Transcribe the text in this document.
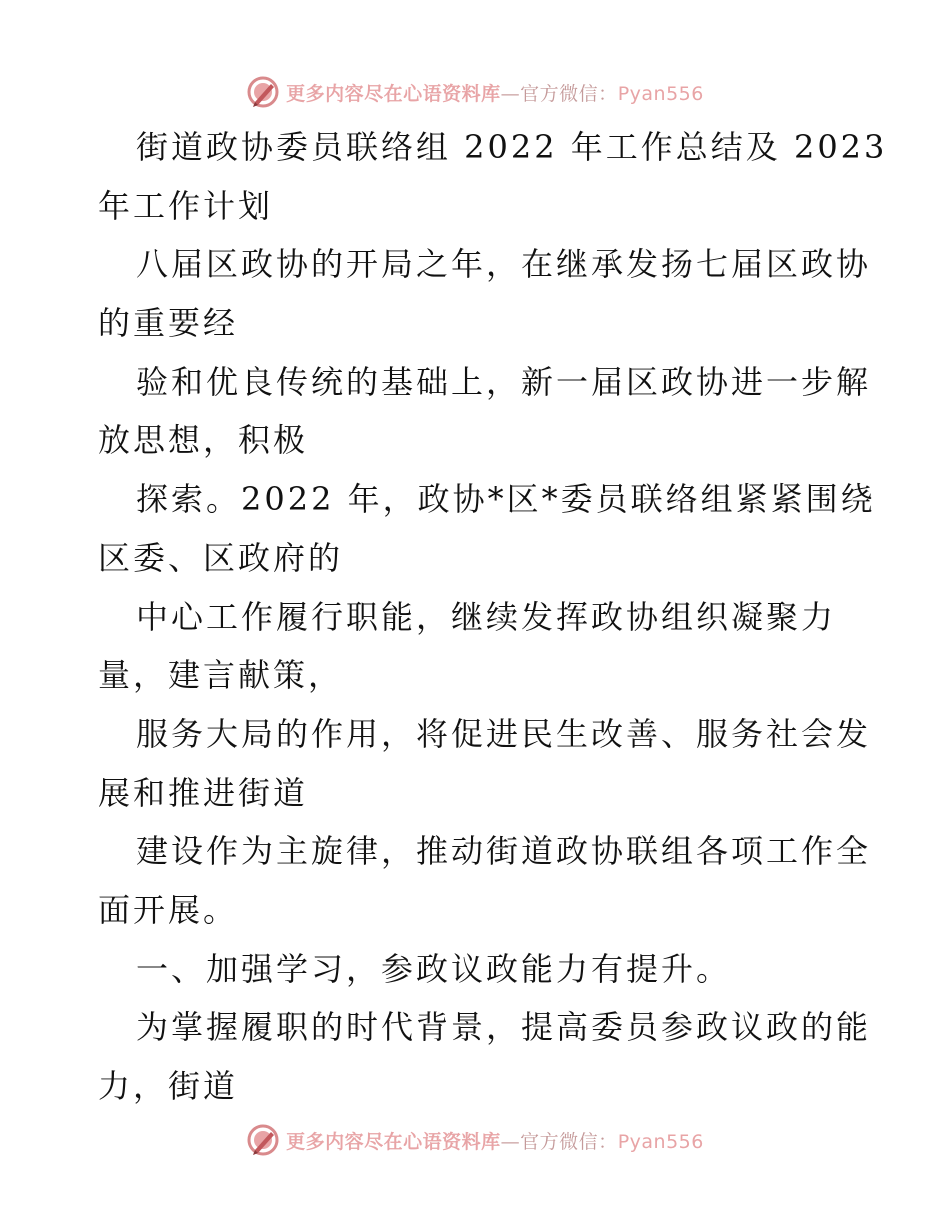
更多内容尽在心语资料库—官方微信：Pyan556
街道政协委员联络组 2022 年工作总结及 2023
年工作计划
八届区政协的开局之年，在继承发扬七届区政协
的重要经
验和优良传统的基础上，新一届区政协进一步解
放思想，积极
探索。2022 年，政协*区*委员联络组紧紧围绕
区委、区政府的
中心工作履行职能，继续发挥政协组织凝聚力
量，建言献策，
服务大局的作用，将促进民生改善、服务社会发
展和推进街道
建设作为主旋律，推动街道政协联组各项工作全
面开展。
一、加强学习，参政议政能力有提升。
为掌握履职的时代背景，提高委员参政议政的能
力，街道
更多内容尽在心语资料库—官方微信：Pyan556
